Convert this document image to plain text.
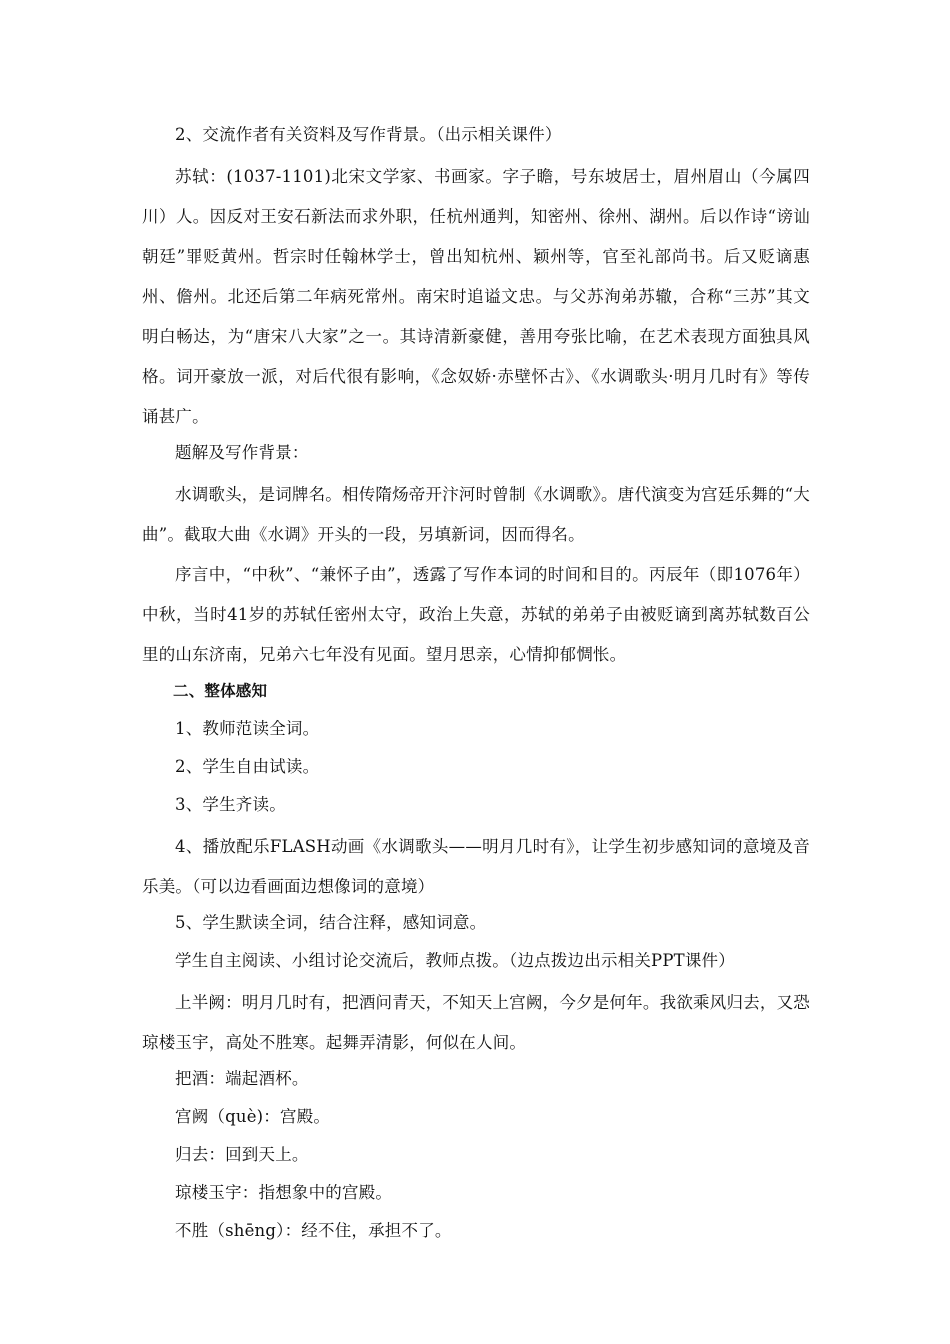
2、交流作者有关资料及写作背景。（出示相关课件）

苏轼：(1037-1101)北宋文学家、书画家。字子瞻，号东坡居士，眉州眉山（今属四川）人。因反对王安石新法而求外职，任杭州通判，知密州、徐州、湖州。后以作诗“谤讪朝廷”罪贬黄州。哲宗时任翰林学士，曾出知杭州、颖州等，官至礼部尚书。后又贬谪惠州、儋州。北还后第二年病死常州。南宋时追谥文忠。与父苏洵弟苏辙，合称“三苏”其文明白畅达，为“唐宋八大家”之一。其诗清新豪健，善用夸张比喻，在艺术表现方面独具风格。词开豪放一派，对后代很有影响，《念奴娇·赤壁怀古》、《水调歌头·明月几时有》等传诵甚广。

题解及写作背景：

水调歌头，是词牌名。相传隋炀帝开汴河时曾制《水调歌》。唐代演变为宫廷乐舞的“大曲”。截取大曲《水调》开头的一段，另填新词，因而得名。

序言中，“中秋”、“兼怀子由”，透露了写作本词的时间和目的。丙辰年（即1076年）中秋，当时41岁的苏轼任密州太守，政治上失意，苏轼的弟弟子由被贬谪到离苏轼数百公里的山东济南，兄弟六七年没有见面。望月思亲，心情抑郁惆怅。

二、整体感知

1、教师范读全词。

2、学生自由试读。

3、学生齐读。

4、播放配乐FLASH动画《水调歌头——明月几时有》，让学生初步感知词的意境及音乐美。（可以边看画面边想像词的意境）

5、学生默读全词，结合注释，感知词意。

学生自主阅读、小组讨论交流后，教师点拨。（边点拨边出示相关PPT课件）

上半阙：明月几时有，把酒问青天，不知天上宫阙，今夕是何年。我欲乘风归去，又恐琼楼玉宇，高处不胜寒。起舞弄清影，何似在人间。

把酒：端起酒杯。

宫阙（què)：宫殿。

归去：回到天上。

琼楼玉宇：指想象中的宫殿。

不胜（shēng）：经不住，承担不了。
